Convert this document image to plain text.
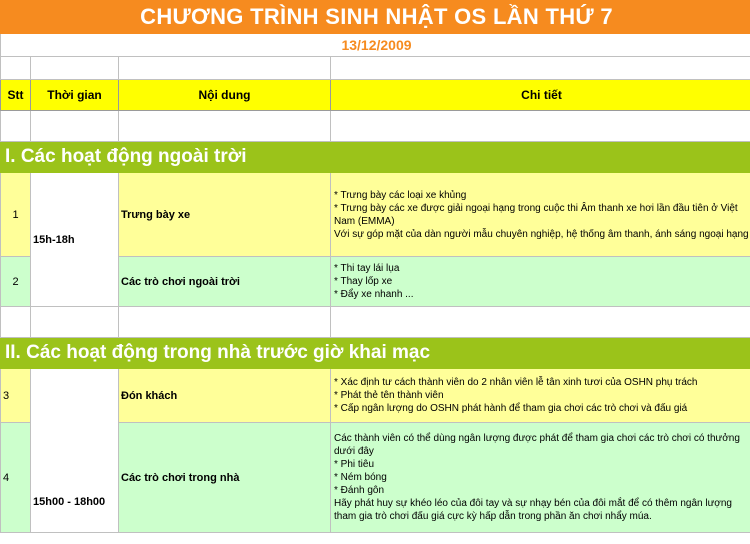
CHƯƠNG TRÌNH SINH NHẬT OS LẦN THỨ 7			
13/12/2009			

Stt	Thời gian	Nội dung	Chi tiết

I. Các hoạt động ngoài trời			
1	15h-18h	Trưng bày xe	* Trưng bày các loại xe khủng
* Trưng bày các xe được giải ngoại hạng trong cuộc thi Âm thanh xe hơi lần đầu tiên ở Việt Nam (EMMA)
Với sự góp mặt của dàn người mẫu chuyên nghiệp, hệ thống âm thanh, ánh sáng ngoại hạng

2		Các trò chơi ngoài trời	* Thi tay lái lụa
* Thay lốp xe
* Đẩy xe nhanh ...

II. Các hoạt động trong nhà trước giờ khai mạc			
3	15h00 - 18h00	Đón khách	* Xác định tư cách thành viên do 2 nhân viên lễ tân xinh tươi của OSHN phụ trách
* Phát thẻ tên thành viên
* Cấp ngân lượng do OSHN phát hành để tham gia chơi các trò chơi và đấu giá

4		Các trò chơi trong nhà	Các thành viên có thể dùng ngân lượng được phát để tham gia chơi các trò chơi có thưởng dưới đây
* Phi tiêu
* Ném bóng
* Đánh gôn
Hãy phát huy sự khéo léo của đôi tay và sự nhạy bén của đôi mắt để có thêm ngân lượng tham gia trò chơi đấu giá cực kỳ hấp dẫn trong phần ăn chơi nhẩy múa.
